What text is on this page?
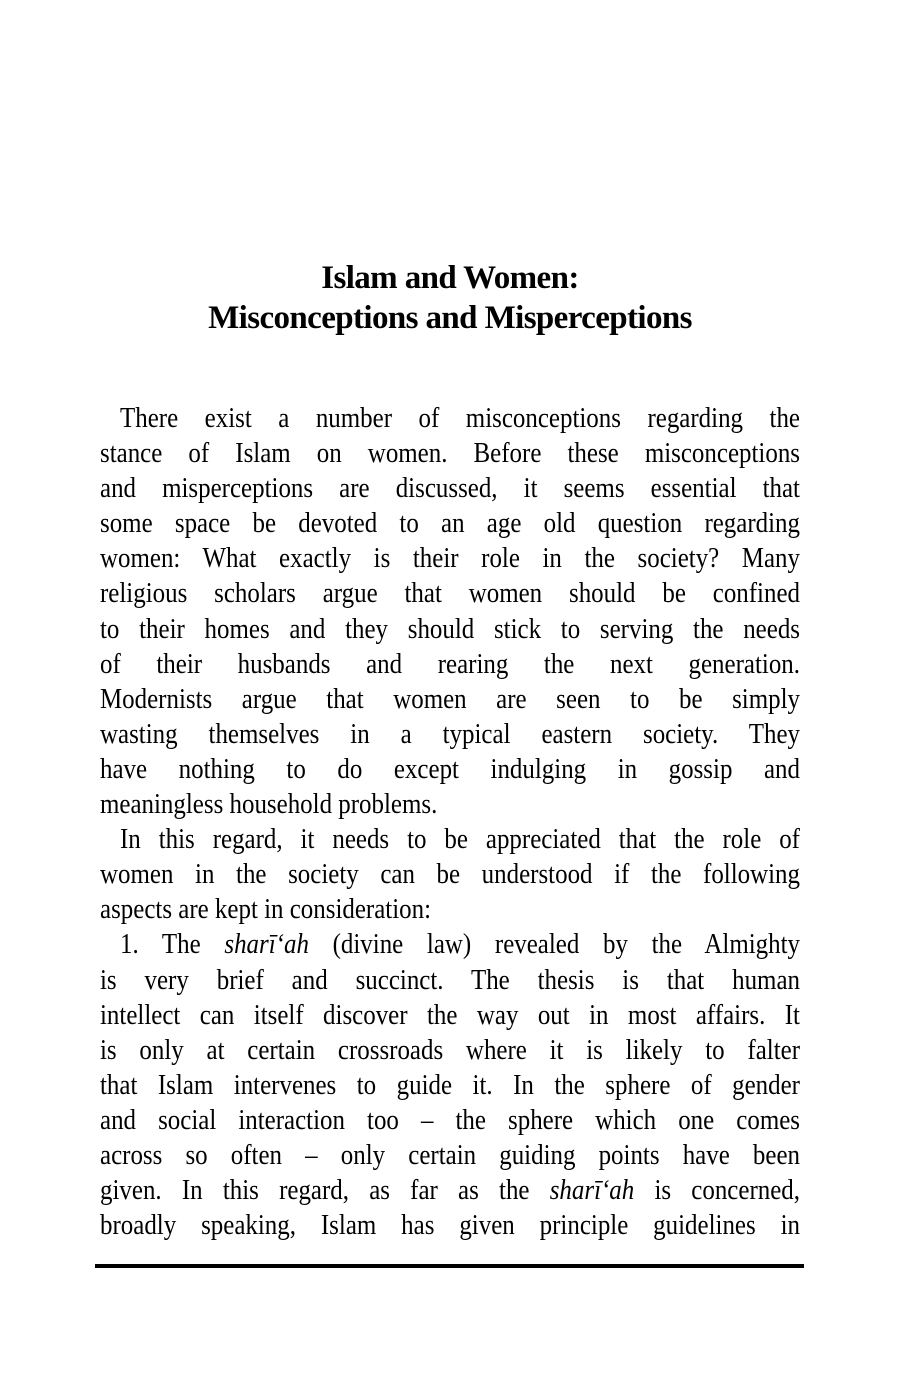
Islam and Women:
Misconceptions and Misperceptions
There exist a number of misconceptions regarding the
stance of Islam on women. Before these misconceptions
and misperceptions are discussed, it seems essential that
some space be devoted to an age old question regarding
women: What exactly is their role in the society? Many
religious scholars argue that women should be confined
to their homes and they should stick to serving the needs
of their husbands and rearing the next generation.
Modernists argue that women are seen to be simply
wasting themselves in a typical eastern society. They
have nothing to do except indulging in gossip and
meaningless household problems.
In this regard, it needs to be appreciated that the role of
women in the society can be understood if the following
aspects are kept in consideration:
1. The sharī‘ah (divine law) revealed by the Almighty
is very brief and succinct. The thesis is that human
intellect can itself discover the way out in most affairs. It
is only at certain crossroads where it is likely to falter
that Islam intervenes to guide it. In the sphere of gender
and social interaction too – the sphere which one comes
across so often – only certain guiding points have been
given. In this regard, as far as the sharī‘ah is concerned,
broadly speaking, Islam has given principle guidelines in
